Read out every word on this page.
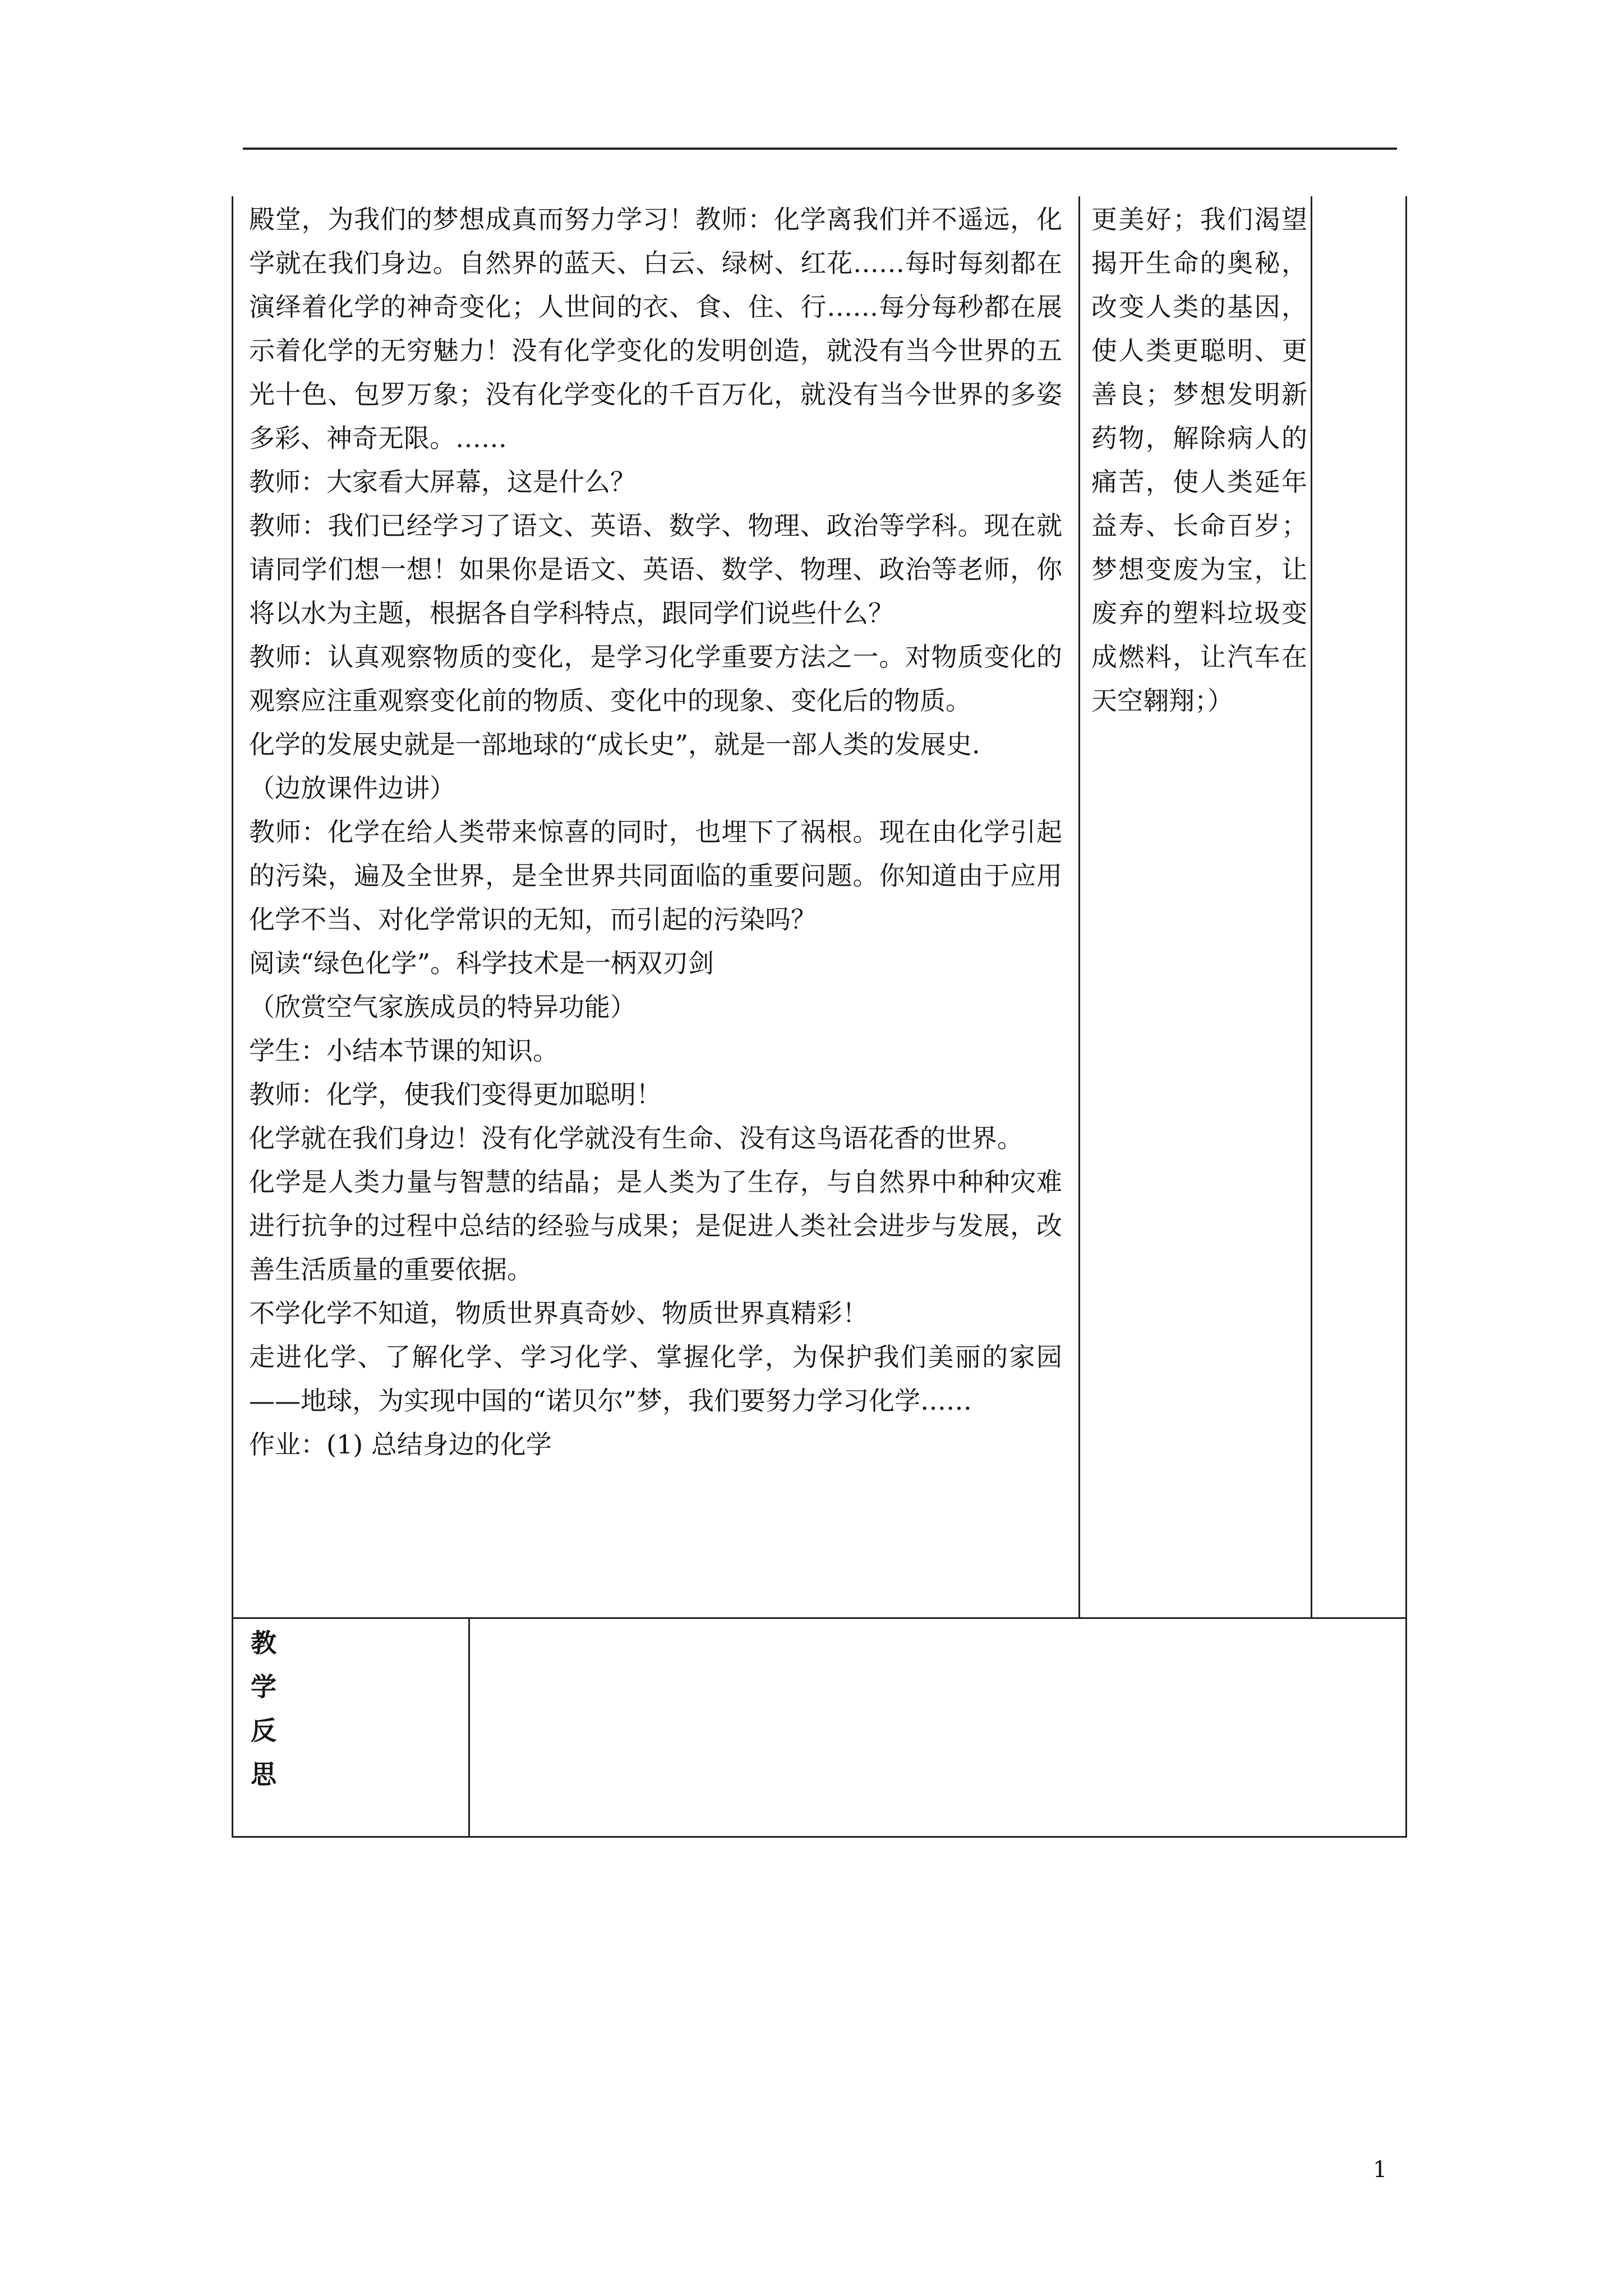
殿堂，为我们的梦想成真而努力学习！教师：化学离我们并不遥远，化学就在我们身边。自然界的蓝天、白云、绿树、红花……每时每刻都在演绎着化学的神奇变化；人世间的衣、食、住、行……每分每秒都在展示着化学的无穷魅力！没有化学变化的发明创造，就没有当今世界的五光十色、包罗万象；没有化学变化的千百万化，就没有当今世界的多姿多彩、神奇无限。……

教师：大家看大屏幕，这是什么？

教师：我们已经学习了语文、英语、数学、物理、政治等学科。现在就请同学们想一想！如果你是语文、英语、数学、物理、政治等老师，你将以水为主题，根据各自学科特点，跟同学们说些什么？

教师：认真观察物质的变化，是学习化学重要方法之一。对物质变化的观察应注重观察变化前的物质、变化中的现象、变化后的物质。

化学的发展史就是一部地球的“成长史”，就是一部人类的发展史.

（边放课件边讲）

教师：化学在给人类带来惊喜的同时，也埋下了祸根。现在由化学引起的污染，遍及全世界，是全世界共同面临的重要问题。你知道由于应用化学不当、对化学常识的无知，而引起的污染吗？

阅读“绿色化学”。科学技术是一柄双刃剑

（欣赏空气家族成员的特异功能）

学生：小结本节课的知识。

教师：化学，使我们变得更加聪明！

化学就在我们身边！没有化学就没有生命、没有这鸟语花香的世界。

化学是人类力量与智慧的结晶；是人类为了生存，与自然界中种种灾难进行抗争的过程中总结的经验与成果；是促进人类社会进步与发展，改善生活质量的重要依据。

不学化学不知道，物质世界真奇妙、物质世界真精彩！

走进化学、了解化学、学习化学、掌握化学，为保护我们美丽的家园——地球，为实现中国的“诺贝尔”梦，我们要努力学习化学……

作业：(1) 总结身边的化学

更美好；我们渴望揭开生命的奥秘，改变人类的基因，使人类更聪明、更善良；梦想发明新药物，解除病人的痛苦，使人类延年益寿、长命百岁；梦想变废为宝，让废弃的塑料垃圾变成燃料，让汽车在天空翱翔；）

教
学
反
思
1
